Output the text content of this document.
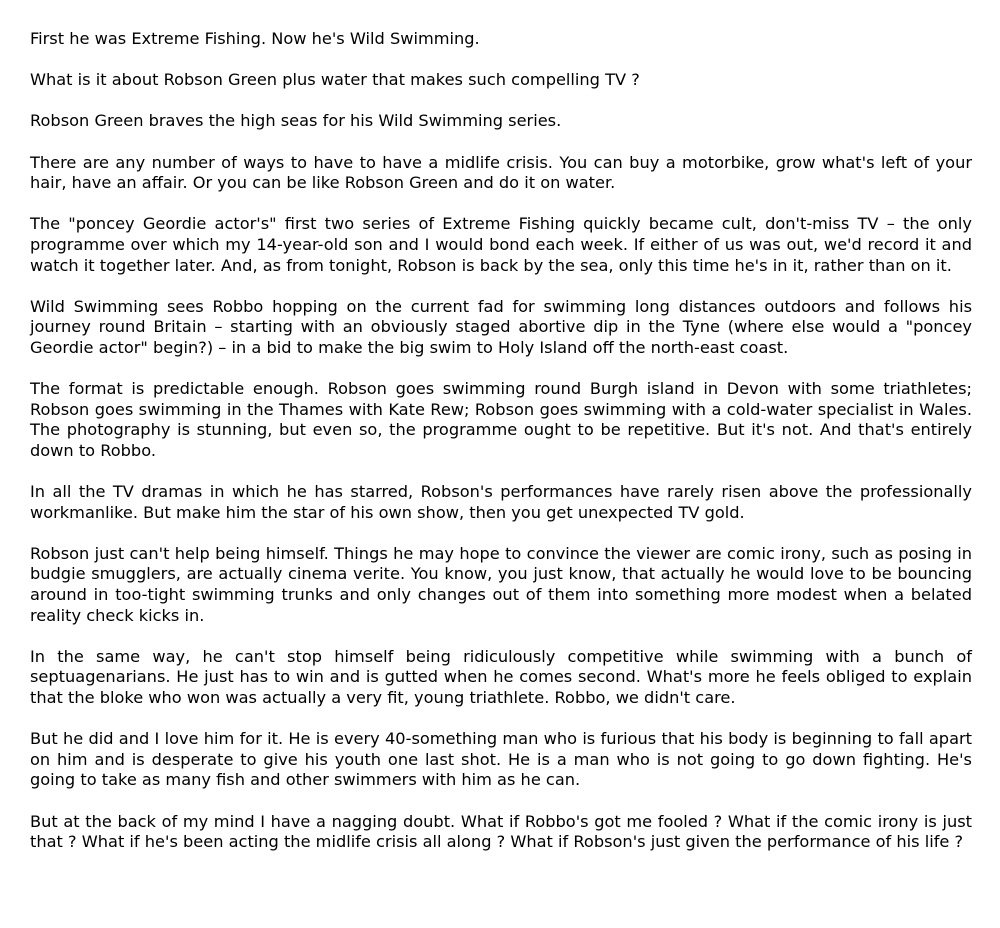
First he was Extreme Fishing. Now he's Wild Swimming.

What is it about Robson Green plus water that makes such compelling TV ?

Robson Green braves the high seas for his Wild Swimming series.

There are any number of ways to have to have a midlife crisis. You can buy a motorbike, grow what's left of your hair, have an affair. Or you can be like Robson Green and do it on water.

The "poncey Geordie actor's" first two series of Extreme Fishing quickly became cult, don't-miss TV – the only programme over which my 14-year-old son and I would bond each week. If either of us was out, we'd record it and watch it together later. And, as from tonight, Robson is back by the sea, only this time he's in it, rather than on it.

Wild Swimming sees Robbo hopping on the current fad for swimming long distances outdoors and follows his journey round Britain – starting with an obviously staged abortive dip in the Tyne (where else would a "poncey Geordie actor" begin?) – in a bid to make the big swim to Holy Island off the north-east coast.

The format is predictable enough. Robson goes swimming round Burgh island in Devon with some triathletes; Robson goes swimming in the Thames with Kate Rew; Robson goes swimming with a cold-water specialist in Wales. The photography is stunning, but even so, the programme ought to be repetitive. But it's not. And that's entirely down to Robbo.

In all the TV dramas in which he has starred, Robson's performances have rarely risen above the professionally workmanlike. But make him the star of his own show, then you get unexpected TV gold.

Robson just can't help being himself. Things he may hope to convince the viewer are comic irony, such as posing in budgie smugglers, are actually cinema verite. You know, you just know, that actually he would love to be bouncing around in too-tight swimming trunks and only changes out of them into something more modest when a belated reality check kicks in.

In the same way, he can't stop himself being ridiculously competitive while swimming with a bunch of septuagenarians. He just has to win and is gutted when he comes second. What's more he feels obliged to explain that the bloke who won was actually a very fit, young triathlete. Robbo, we didn't care.

But he did and I love him for it. He is every 40-something man who is furious that his body is beginning to fall apart on him and is desperate to give his youth one last shot. He is a man who is not going to go down fighting. He's going to take as many fish and other swimmers with him as he can.

But at the back of my mind I have a nagging doubt. What if Robbo's got me fooled ? What if the comic irony is just that ? What if he's been acting the midlife crisis all along ? What if Robson's just given the performance of his life ?
